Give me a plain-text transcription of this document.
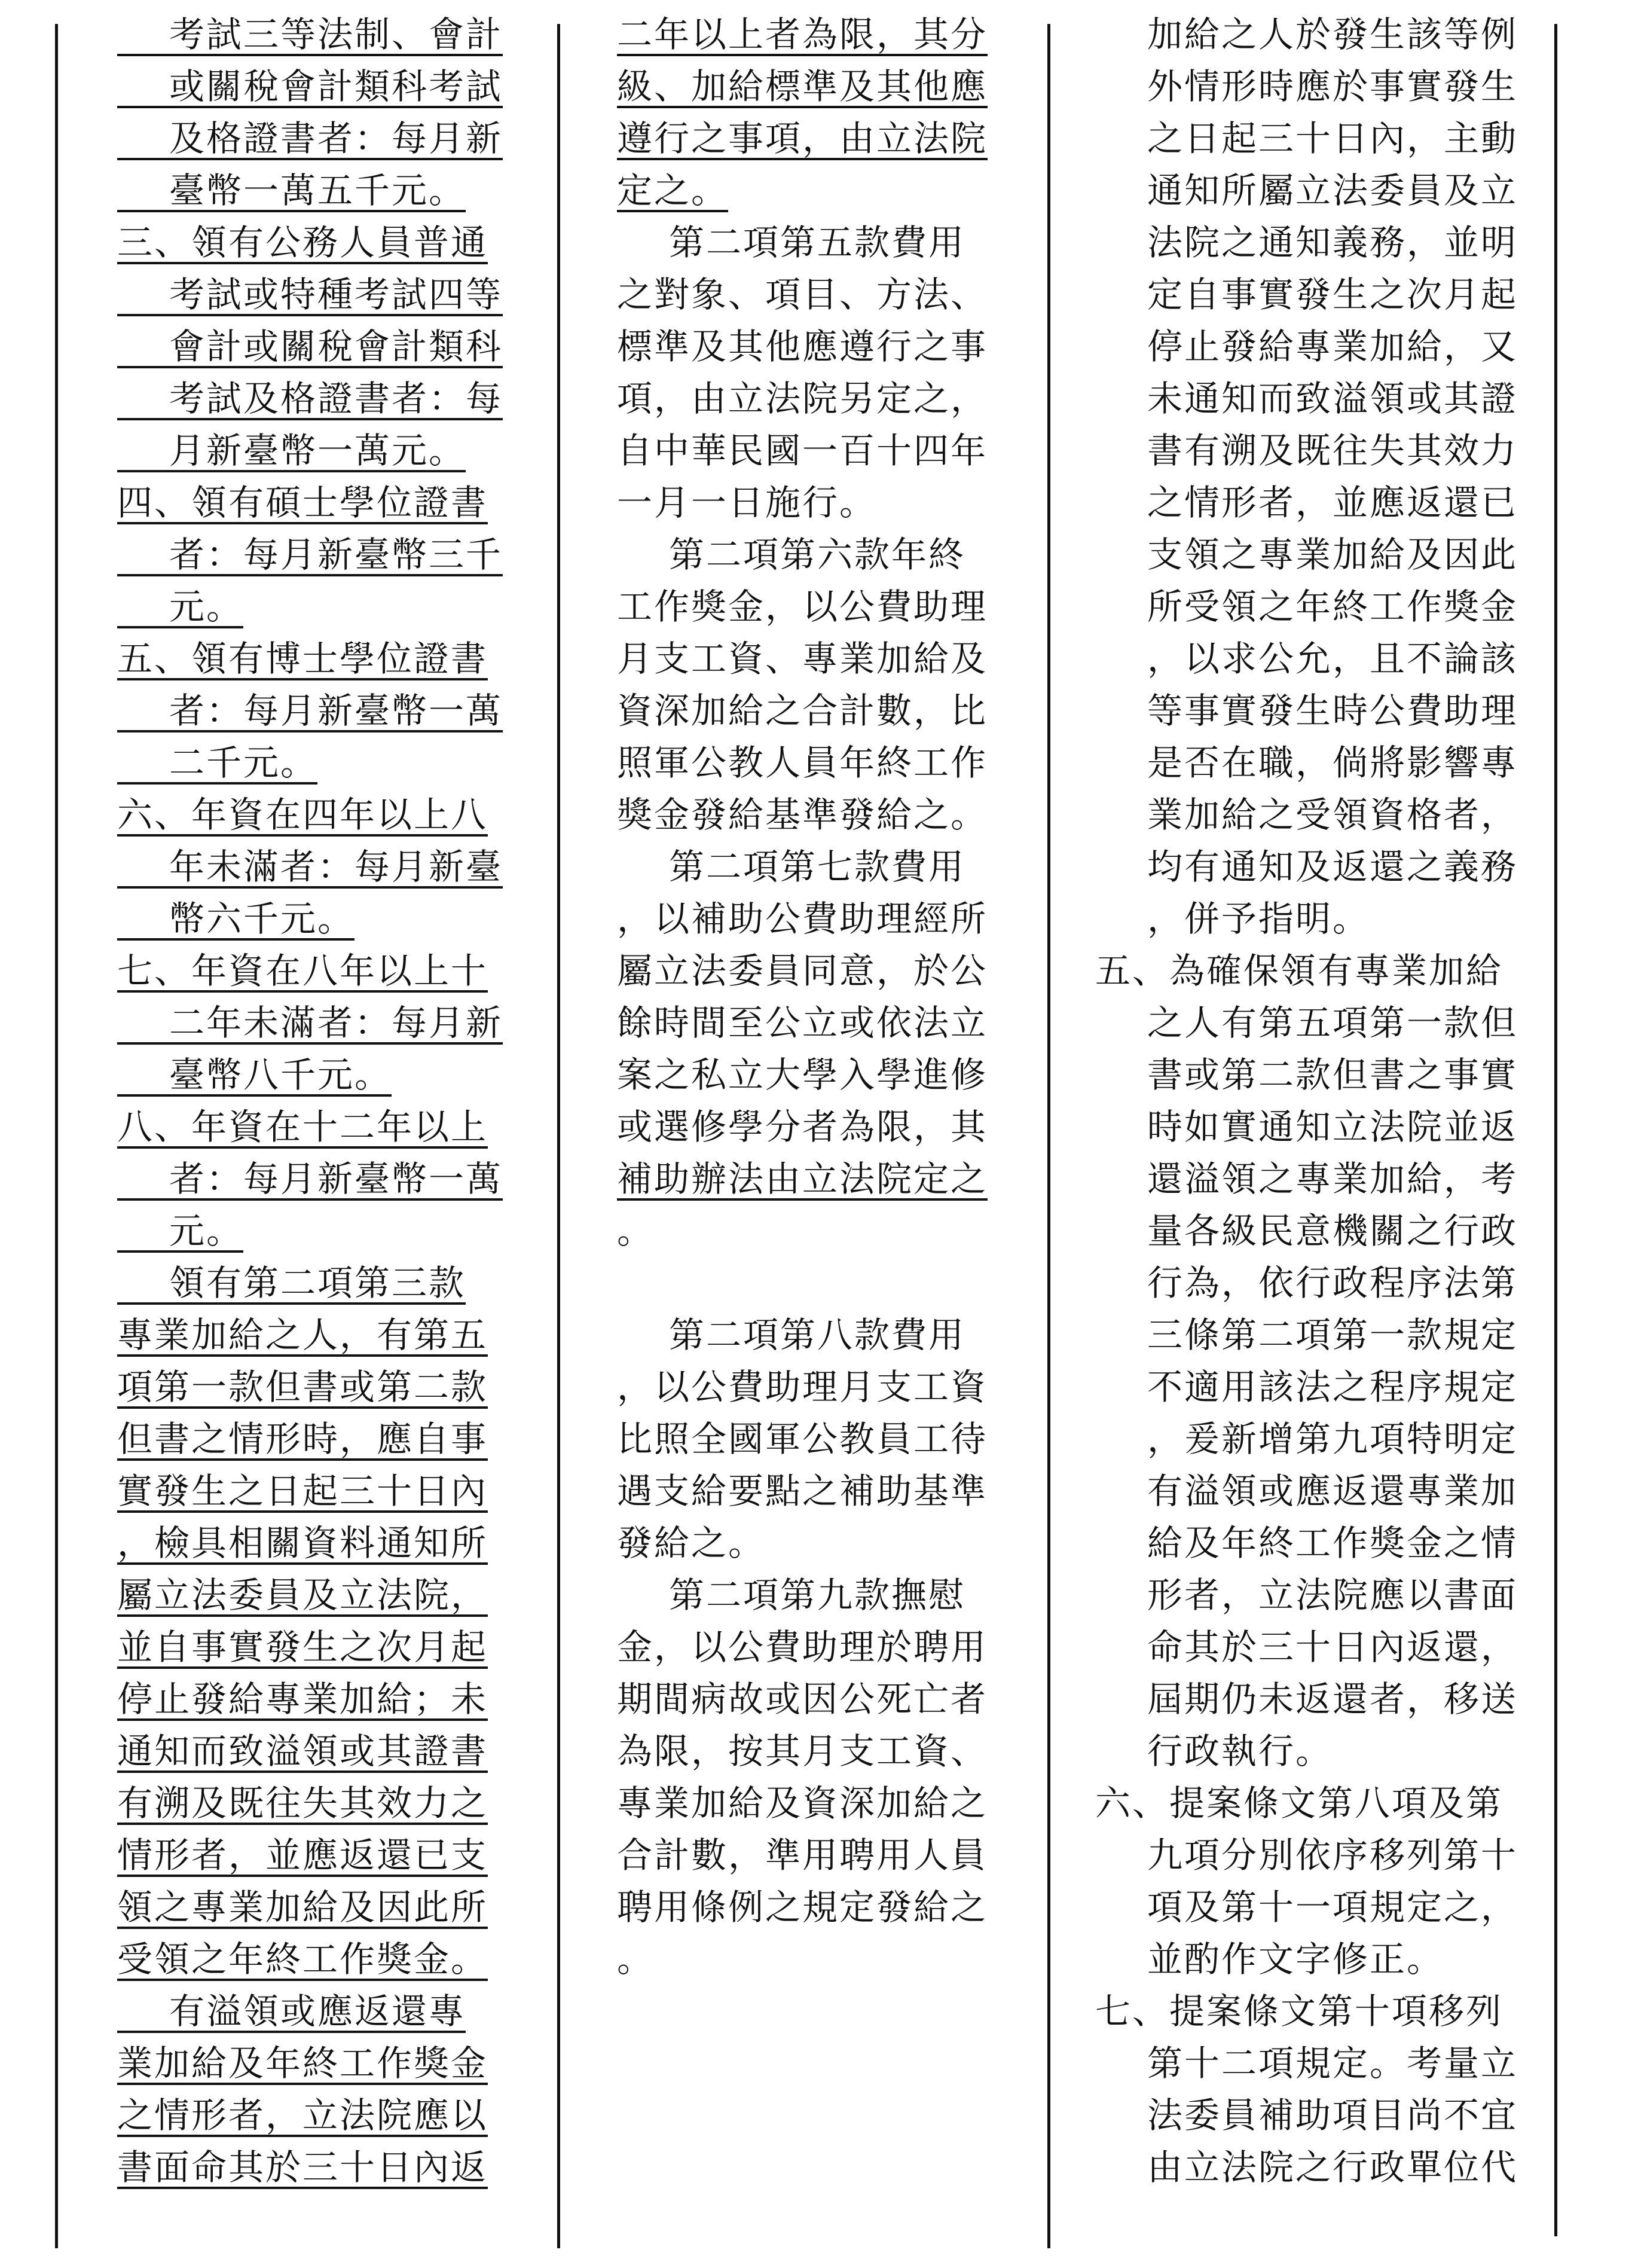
考試三等法制、會計
或關稅會計類科考試
及格證書者：每月新
臺幣一萬五千元。
三、領有公務人員普通
考試或特種考試四等
會計或關稅會計類科
考試及格證書者：每
月新臺幣一萬元。
四、領有碩士學位證書
者：每月新臺幣三千
元。
五、領有博士學位證書
者：每月新臺幣一萬
二千元。
六、年資在四年以上八
年未滿者：每月新臺
幣六千元。
七、年資在八年以上十
二年未滿者：每月新
臺幣八千元。
八、年資在十二年以上
者：每月新臺幣一萬
元。
領有第二項第三款
專業加給之人，有第五
項第一款但書或第二款
但書之情形時，應自事
實發生之日起三十日內
，檢具相關資料通知所
屬立法委員及立法院，
並自事實發生之次月起
停止發給專業加給；未
通知而致溢領或其證書
有溯及既往失其效力之
情形者，並應返還已支
領之專業加給及因此所
受領之年終工作獎金。
有溢領或應返還專
業加給及年終工作獎金
之情形者，立法院應以
書面命其於三十日內返
二年以上者為限，其分
級、加給標準及其他應
遵行之事項，由立法院
定之。
第二項第五款費用
之對象、項目、方法、
標準及其他應遵行之事
項，由立法院另定之，
自中華民國一百十四年
一月一日施行。
第二項第六款年終
工作獎金，以公費助理
月支工資、專業加給及
資深加給之合計數，比
照軍公教人員年終工作
獎金發給基準發給之。
第二項第七款費用
，以補助公費助理經所
屬立法委員同意，於公
餘時間至公立或依法立
案之私立大學入學進修
或選修學分者為限，其
補助辦法由立法院定之
。
第二項第八款費用
，以公費助理月支工資
比照全國軍公教員工待
遇支給要點之補助基準
發給之。
第二項第九款撫慰
金，以公費助理於聘用
期間病故或因公死亡者
為限，按其月支工資、
專業加給及資深加給之
合計數，準用聘用人員
聘用條例之規定發給之
。
加給之人於發生該等例
外情形時應於事實發生
之日起三十日內，主動
通知所屬立法委員及立
法院之通知義務，並明
定自事實發生之次月起
停止發給專業加給，又
未通知而致溢領或其證
書有溯及既往失其效力
之情形者，並應返還已
支領之專業加給及因此
所受領之年終工作獎金
，以求公允，且不論該
等事實發生時公費助理
是否在職，倘將影響專
業加給之受領資格者，
均有通知及返還之義務
，併予指明。
五、為確保領有專業加給
之人有第五項第一款但
書或第二款但書之事實
時如實通知立法院並返
還溢領之專業加給，考
量各級民意機關之行政
行為，依行政程序法第
三條第二項第一款規定
不適用該法之程序規定
，爰新增第九項特明定
有溢領或應返還專業加
給及年終工作獎金之情
形者，立法院應以書面
命其於三十日內返還，
屆期仍未返還者，移送
行政執行。
六、提案條文第八項及第
九項分別依序移列第十
項及第十一項規定之，
並酌作文字修正。
七、提案條文第十項移列
第十二項規定。考量立
法委員補助項目尚不宜
由立法院之行政單位代
